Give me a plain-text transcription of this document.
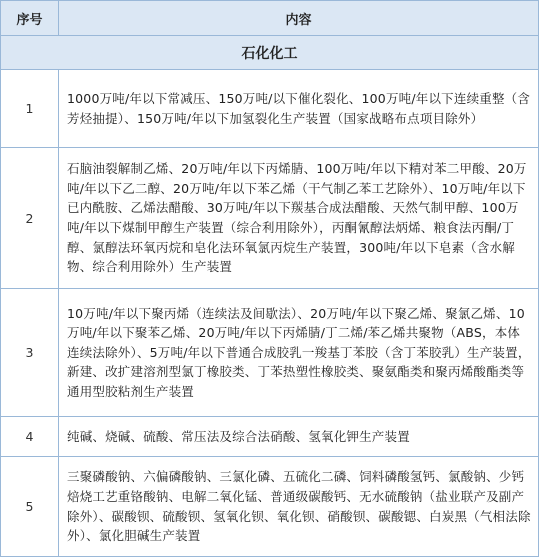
序号	内容
石化化工	
1	1000万吨/年以下常减压、150万吨/以下催化裂化、100万吨/年以下连续重整（含芳烃抽提）、150万吨/年以下加氢裂化生产装置（国家战略布点项目除外）
2	石脑油裂解制乙烯、20万吨/年以下丙烯腈、100万吨/年以下精对苯二甲酸、20万吨/年以下乙二醇、20万吨/年以下苯乙烯（干气制乙苯工艺除外）、10万吨/年以下已内酰胺、乙烯法醋酸、30万吨/年以下羰基合成法醋酸、天然气制甲醇、100万吨/年以下煤制甲醇生产装置（综合利用除外），丙酮氰醇法炳烯、粮食法丙酮/丁醇、氯醇法环氧丙烷和皂化法环氧氯丙烷生产装置，300吨/年以下皂素（含水解物、综合利用除外）生产装置
3	10万吨/年以下聚丙烯（连续法及间歇法）、20万吨/年以下聚乙烯、聚氯乙烯、10万吨/年以下聚苯乙烯、20万吨/年以下丙烯腈/丁二烯/苯乙烯共聚物（ABS，本体连续法除外）、5万吨/年以下普通合成胶乳一羧基丁苯胶（含丁苯胶乳）生产装置，新建、改扩建溶剂型氯丁橡胶类、丁苯热塑性橡胶类、聚氨酯类和聚丙烯酸酯类等通用型胶粘剂生产装置
4	纯碱、烧碱、硫酸、常压法及综合法硝酸、氢氧化钾生产装置
5	三聚磷酸钠、六偏磷酸钠、三氯化磷、五硫化二磷、饲料磷酸氢钙、氯酸钠、少钙焙烧工艺重铬酸钠、电解二氧化锰、普通级碳酸钙、无水硫酸钠（盐业联产及副产除外）、碳酸钡、硫酸钡、氢氧化钡、氧化钡、硝酸钡、碳酸锶、白炭黑（气相法除外）、氯化胆碱生产装置
